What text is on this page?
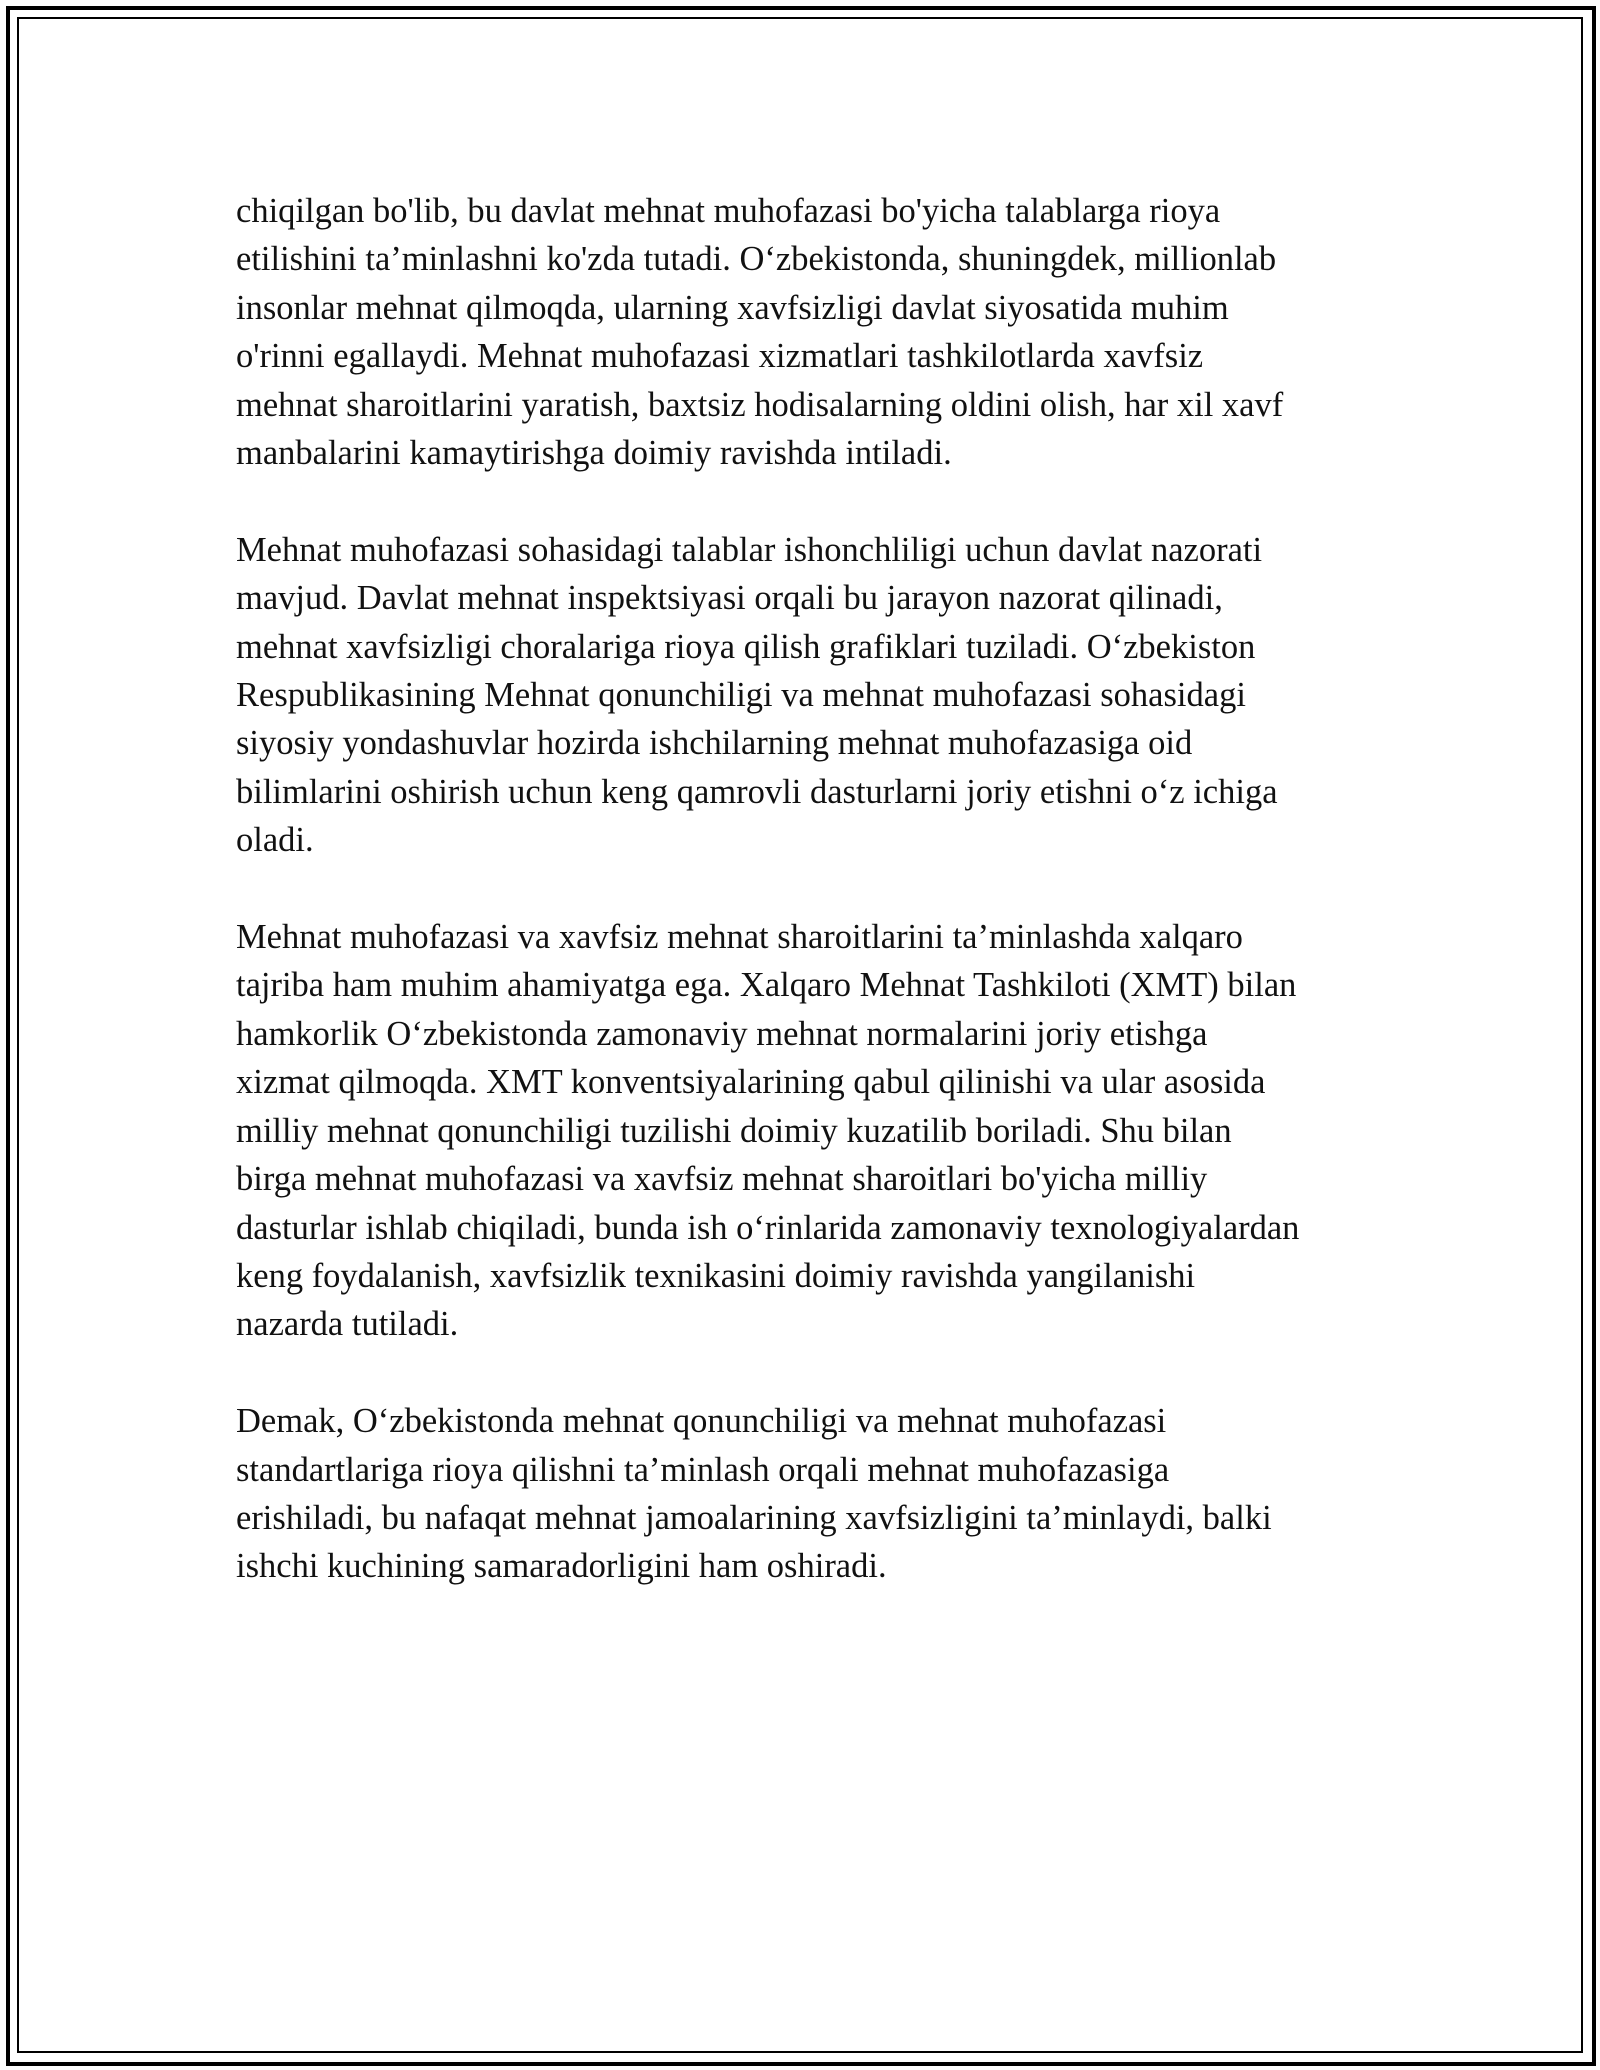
chiqilgan bo'lib, bu davlat mehnat muhofazasi bo'yicha talablarga rioya
etilishini ta’minlashni ko'zda tutadi. O‘zbekistonda, shuningdek, millionlab
insonlar mehnat qilmoqda, ularning xavfsizligi davlat siyosatida muhim
o'rinni egallaydi. Mehnat muhofazasi xizmatlari tashkilotlarda xavfsiz
mehnat sharoitlarini yaratish, baxtsiz hodisalarning oldini olish, har xil xavf
manbalarini kamaytirishga doimiy ravishda intiladi.

Mehnat muhofazasi sohasidagi talablar ishonchliligi uchun davlat nazorati
mavjud. Davlat mehnat inspektsiyasi orqali bu jarayon nazorat qilinadi,
mehnat xavfsizligi choralariga rioya qilish grafiklari tuziladi. O‘zbekiston
Respublikasining Mehnat qonunchiligi va mehnat muhofazasi sohasidagi
siyosiy yondashuvlar hozirda ishchilarning mehnat muhofazasiga oid
bilimlarini oshirish uchun keng qamrovli dasturlarni joriy etishni o‘z ichiga
oladi.

Mehnat muhofazasi va xavfsiz mehnat sharoitlarini ta’minlashda xalqaro
tajriba ham muhim ahamiyatga ega. Xalqaro Mehnat Tashkiloti (XMT) bilan
hamkorlik O‘zbekistonda zamonaviy mehnat normalarini joriy etishga
xizmat qilmoqda. XMT konventsiyalarining qabul qilinishi va ular asosida
milliy mehnat qonunchiligi tuzilishi doimiy kuzatilib boriladi. Shu bilan
birga mehnat muhofazasi va xavfsiz mehnat sharoitlari bo'yicha milliy
dasturlar ishlab chiqiladi, bunda ish o‘rinlarida zamonaviy texnologiyalardan
keng foydalanish, xavfsizlik texnikasini doimiy ravishda yangilanishi
nazarda tutiladi.

Demak, O‘zbekistonda mehnat qonunchiligi va mehnat muhofazasi
standartlariga rioya qilishni ta’minlash orqali mehnat muhofazasiga
erishiladi, bu nafaqat mehnat jamoalarining xavfsizligini ta’minlaydi, balki
ishchi kuchining samaradorligini ham oshiradi.
